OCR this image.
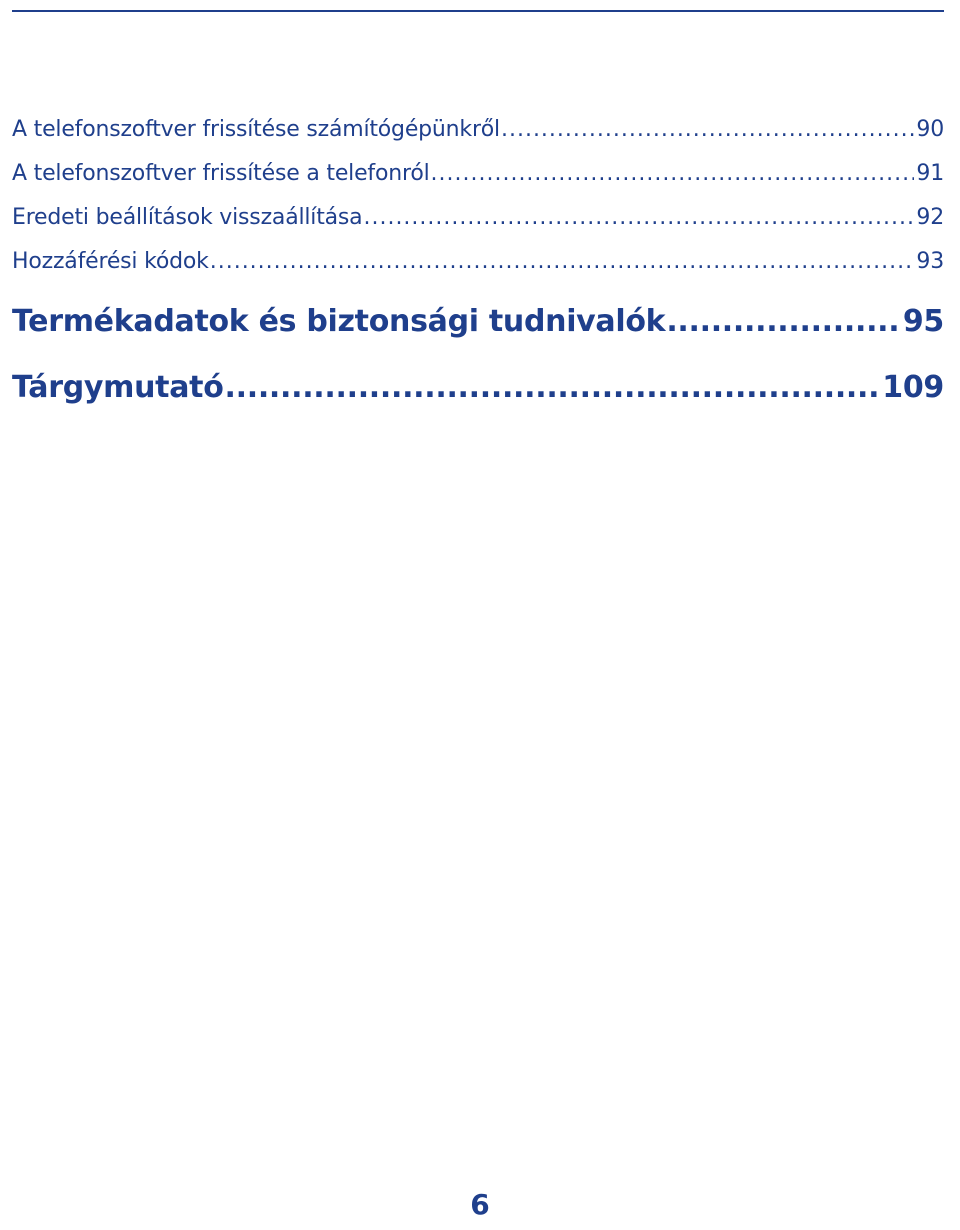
A telefonszoftver frissítése számítógépünkről .....	90
A telefonszoftver frissítése a telefonról .....	91
Eredeti beállítások visszaállítása .....	92
Hozzáférési kódok .....	93
Termékadatok és biztonsági tudnivalók .....	95
Tárgymutató .....	109
6
